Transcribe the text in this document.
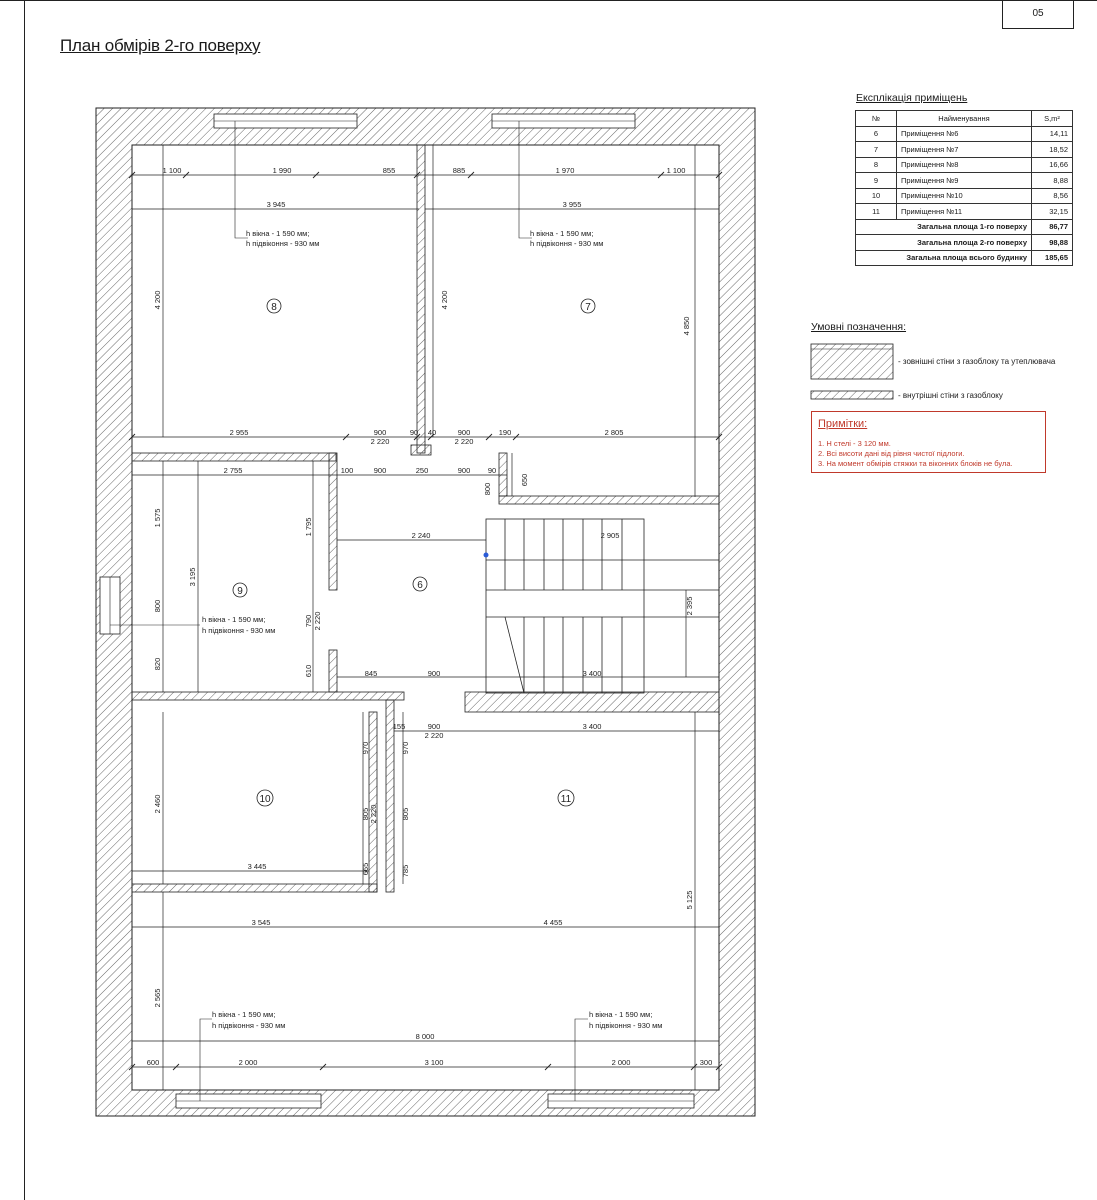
05
План обмірів 2-го поверху
8	7
9
6
10	11
h вікна - 1 590 мм;
h підвіконня - 930 мм
h вікна - 1 590 мм;
h підвіконня - 930 мм
h вікна - 1 590 мм;
h підвіконня - 930 мм
h вікна - 1 590 мм;
h підвіконня - 930 мм
h вікна - 1 590 мм;
h підвіконня - 930 мм
1 100	1 990	855	885	1 970	1 100
3 945	3 955
2 955	900	90 40	900	190	2 805
2 220	2 220
2 755	100	900	250	900 90
2 240	2 905
845	900	3 400
155	900	3 400
2 220
3 445
3 545	4 455
8 000
600	2 000	3 100	2 000	300
4 200	4 200
4 850
650
800
1 575
800
820
3 195
1 795
790
610
2 220
2 395
970
805
665
2 220
970
805
785
2 460
5 125
2 565
Експлікація приміщень
№	Найменування	S,m²
6	Приміщення №6	14,11
7	Приміщення №7	18,52
8	Приміщення №8	16,66
9	Приміщення №9	8,88
10	Приміщення №10	8,56
11	Приміщення №11	32,15
Загальна площа 1-го поверху		86,77
Загальна площа 2-го поверху		98,88
Загальна площа всього будинку		185,65
Умовні позначення:
- зовнішні стіни з газоблоку та утеплювача
- внутрішні стіни з газоблоку
Примітки:
1. Н стелі - 3 120 мм.
2. Всі висоти дані від рівня чистої підлоги.
3. На момент обмірів стяжки та віконних блоків не була.
